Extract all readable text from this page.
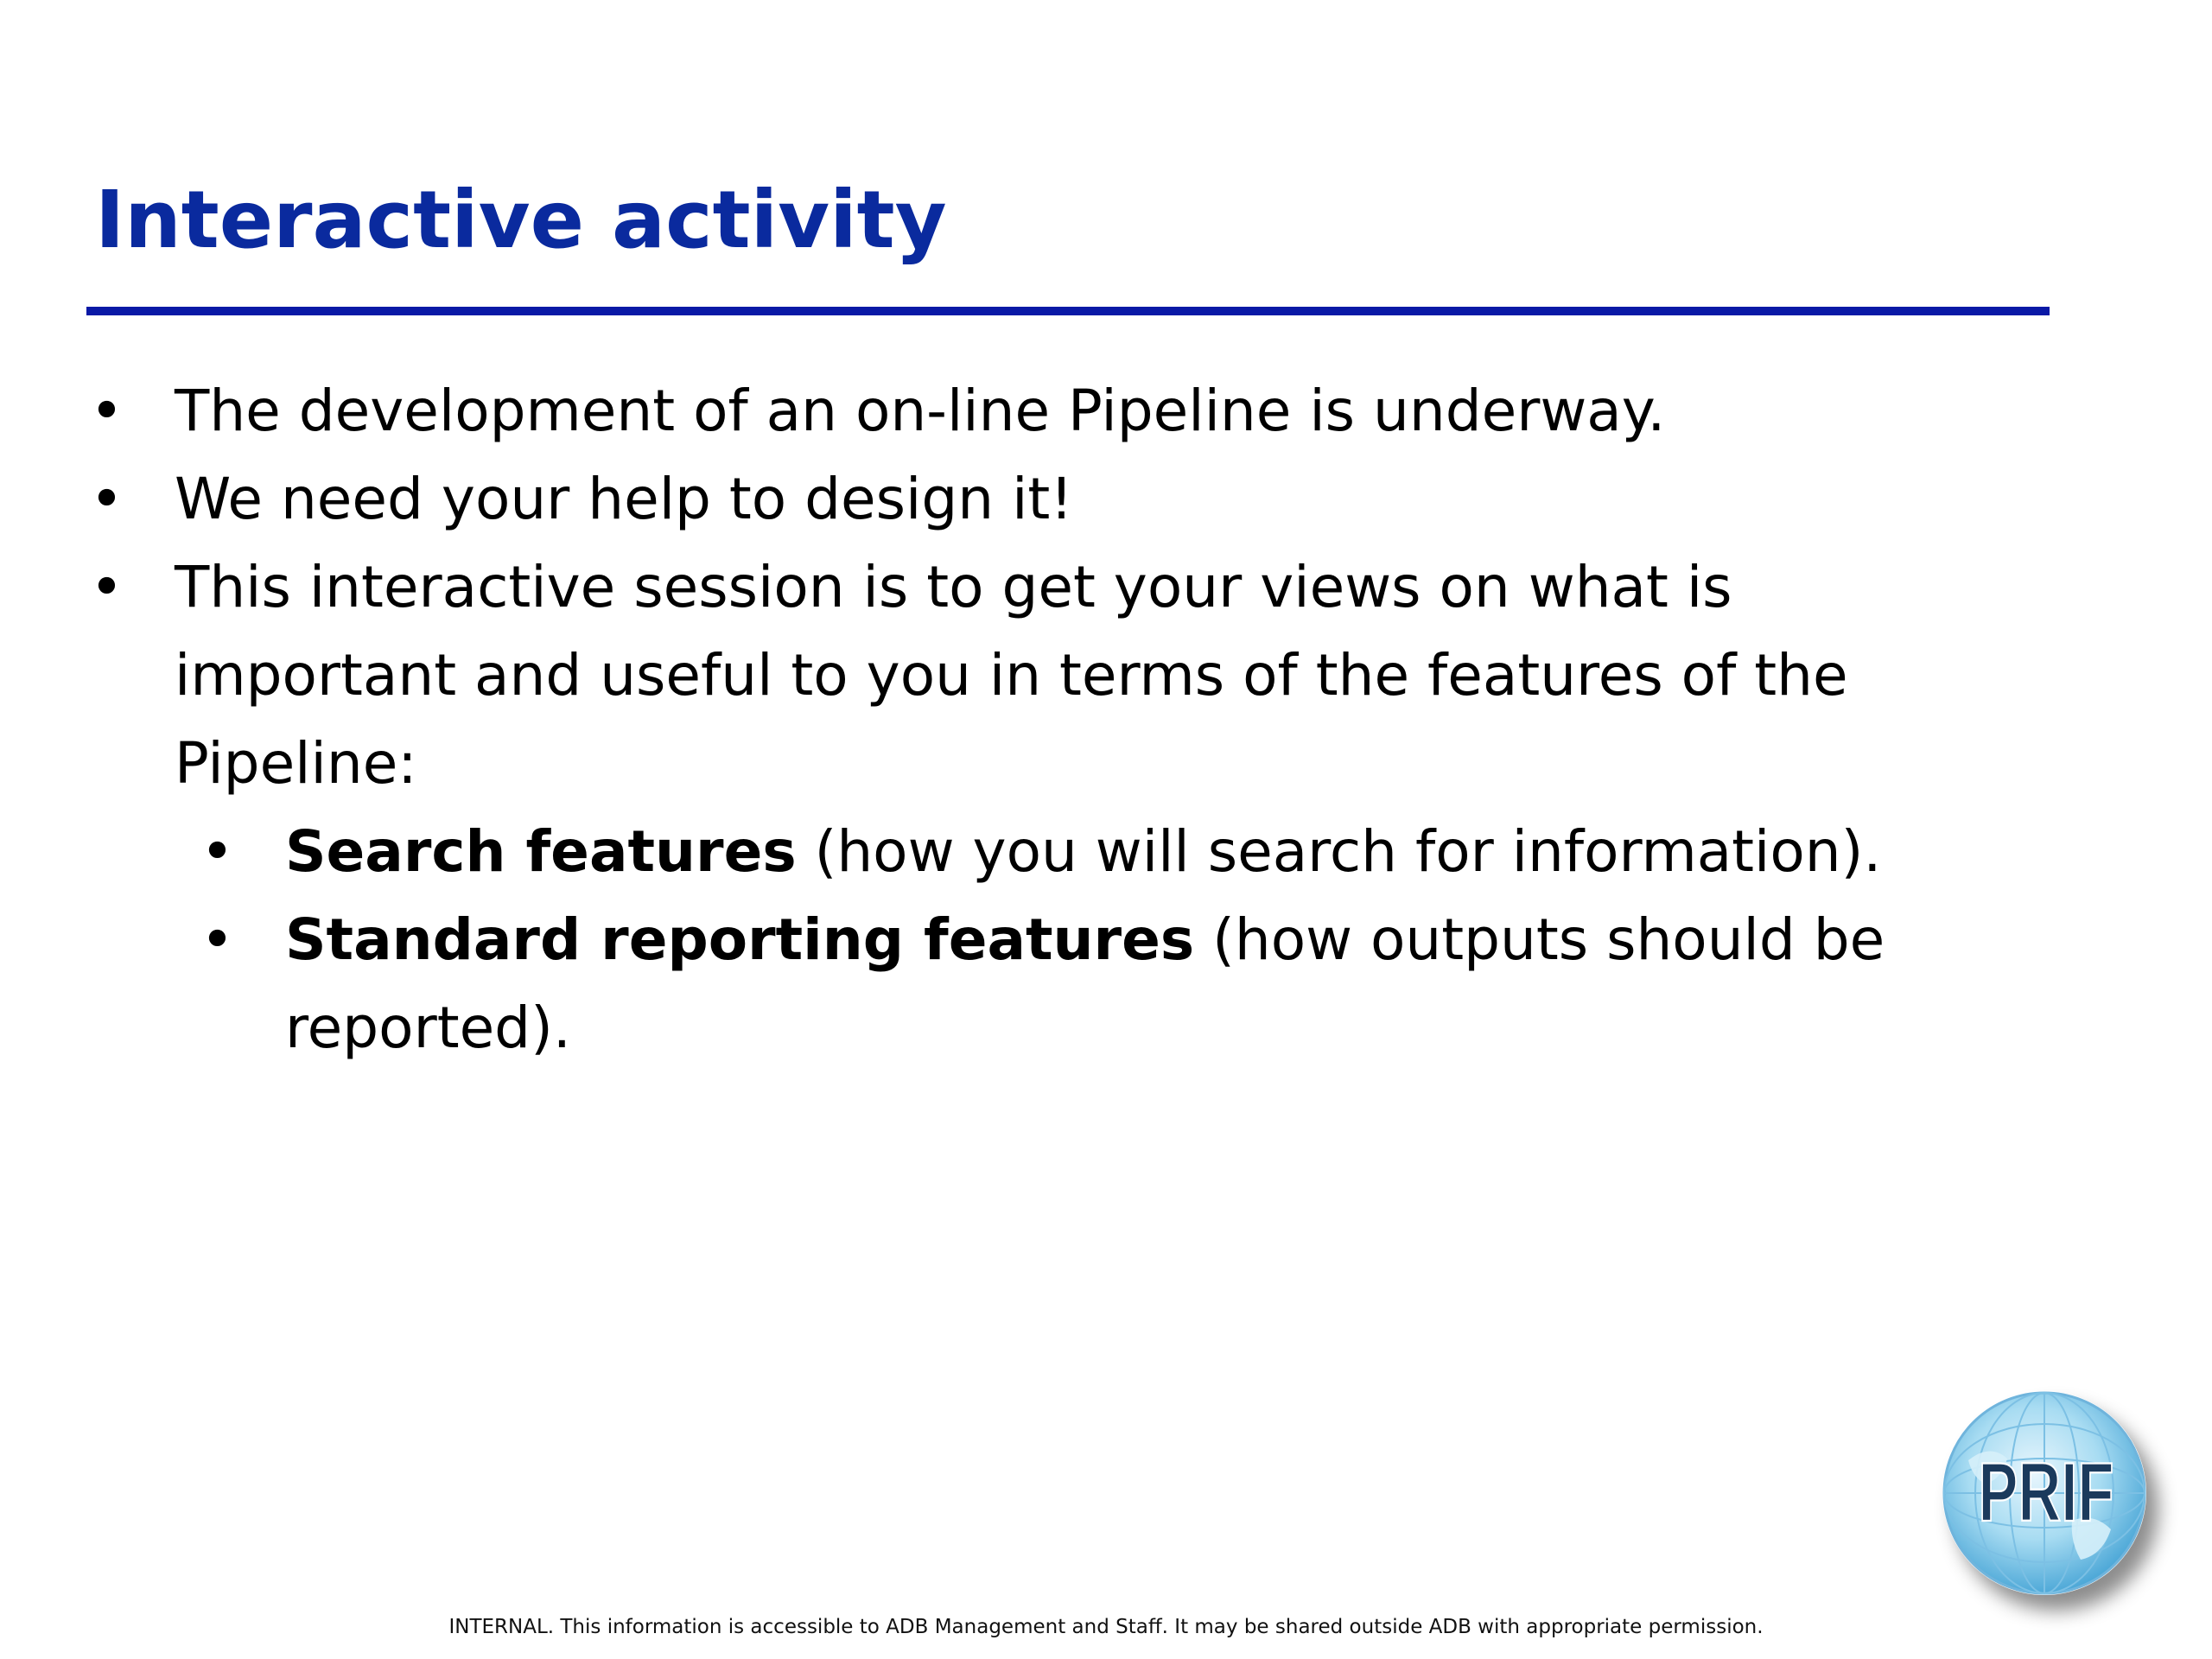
Interactive activity
• The development of an on-line Pipeline is underway.
• We need your help to design it!
• This interactive session is to get your views on what is important and useful to you in terms of the features of the Pipeline:
• Search features (how you will search for information).
• Standard reporting features (how outputs should be reported).
PRIF
INTERNAL. This information is accessible to ADB Management and Staff. It may be shared outside ADB with appropriate permission.
